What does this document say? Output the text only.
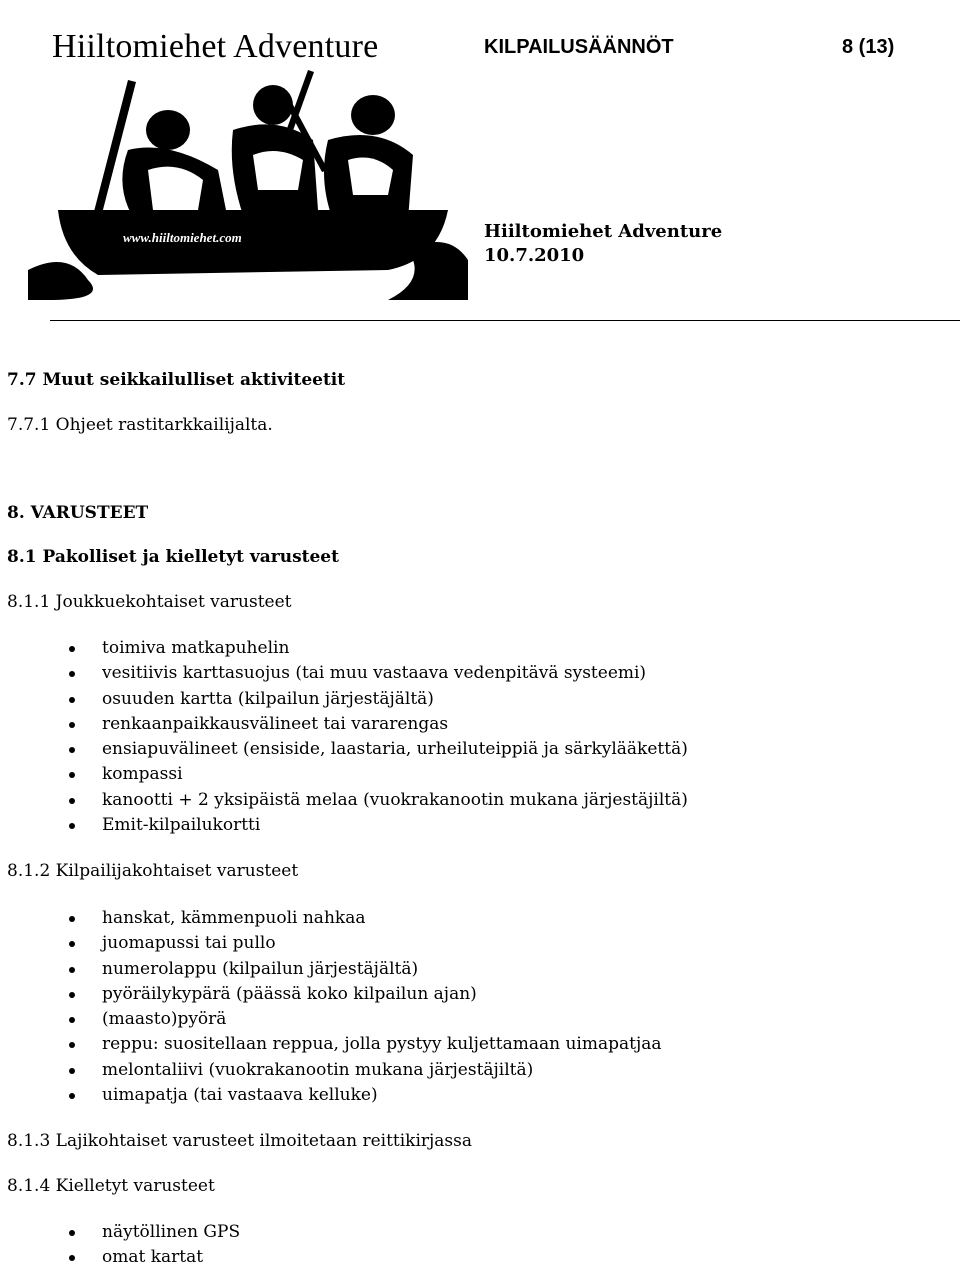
Hiiltomiehet Adventure	KILPAILUSÄÄNNÖT	8 (13)
www.hiiltomiehet.com	Hiiltomiehet Adventure
10.7.2010
7.7 Muut seikkailulliset aktiviteetit
7.7.1 Ohjeet rastitarkkailijalta.
8. VARUSTEET
8.1 Pakolliset ja kielletyt varusteet
8.1.1 Joukkuekohtaiset varusteet
toimiva matkapuhelin
vesitiivis karttasuojus (tai muu vastaava vedenpitävä systeemi)
osuuden kartta (kilpailun järjestäjältä)
renkaanpaikkausvälineet tai vararengas
ensiapuvälineet (ensiside, laastaria, urheiluteippiä ja särkylääkettä)
kompassi
kanootti + 2 yksipäistä melaa (vuokrakanootin mukana järjestäjiltä)
Emit-kilpailukortti
8.1.2 Kilpailijakohtaiset varusteet
hanskat, kämmenpuoli nahkaa
juomapussi tai pullo
numerolappu (kilpailun järjestäjältä)
pyöräilykypärä (päässä koko kilpailun ajan)
(maasto)pyörä
reppu: suositellaan reppua, jolla pystyy kuljettamaan uimapatjaa
melontaliivi (vuokrakanootin mukana järjestäjiltä)
uimapatja (tai vastaava kelluke)
8.1.3 Lajikohtaiset varusteet ilmoitetaan reittikirjassa
8.1.4 Kielletyt varusteet
näytöllinen GPS
omat kartat
